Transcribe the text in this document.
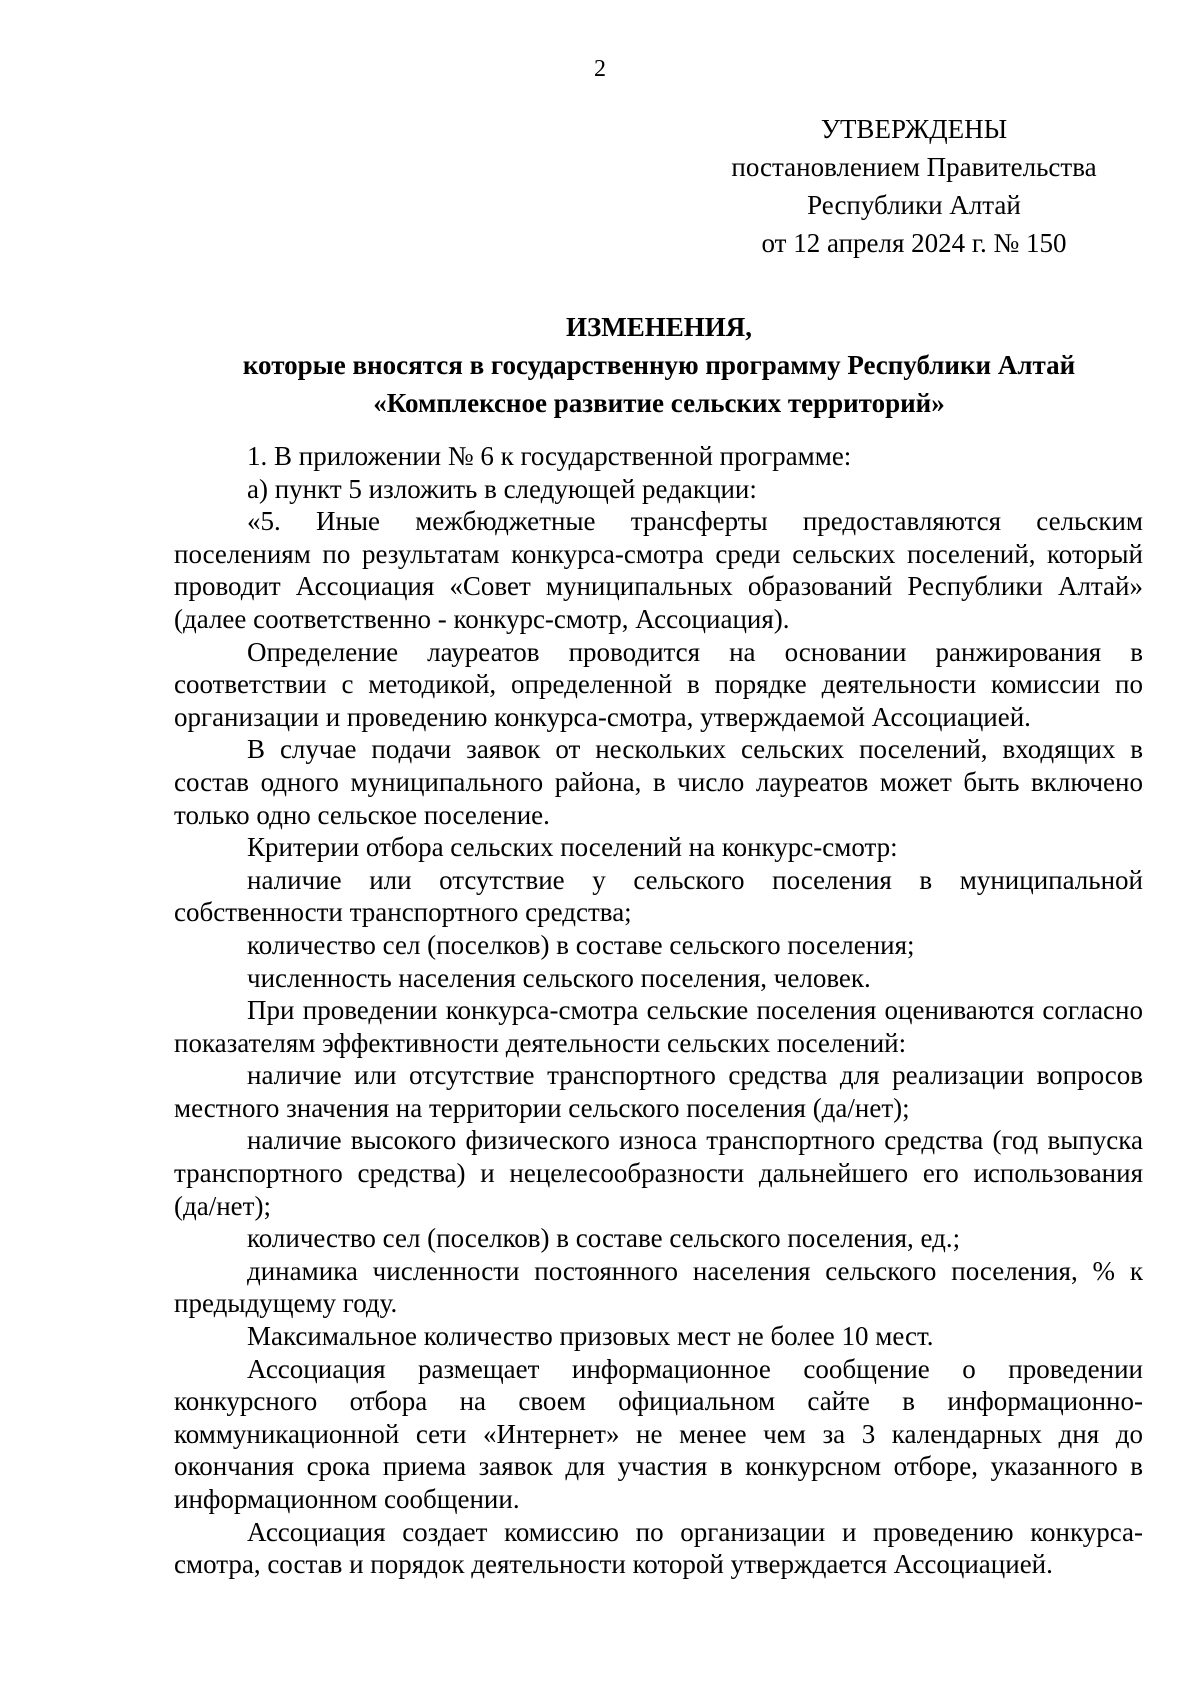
2
УТВЕРЖДЕНЫ
постановлением Правительства
Республики Алтай
от 12 апреля 2024 г. № 150
ИЗМЕНЕНИЯ,
которые вносятся в государственную программу Республики Алтай
«Комплексное развитие сельских территорий»

1. В приложении № 6 к государственной программе:

а) пункт 5 изложить в следующей редакции:

«5. Иные межбюджетные трансферты предоставляются сельским поселениям по результатам конкурса-смотра среди сельских поселений, который проводит Ассоциация «Совет муниципальных образований Республики Алтай» (далее соответственно - конкурс-смотр, Ассоциация).

Определение лауреатов проводится на основании ранжирования в соответствии с методикой, определенной в порядке деятельности комиссии по организации и проведению конкурса-смотра, утверждаемой Ассоциацией.

В случае подачи заявок от нескольких сельских поселений, входящих в состав одного муниципального района, в число лауреатов может быть включено только одно сельское поселение.

Критерии отбора сельских поселений на конкурс-смотр:

наличие или отсутствие у сельского поселения в муниципальной собственности транспортного средства;

количество сел (поселков) в составе сельского поселения;

численность населения сельского поселения, человек.

При проведении конкурса-смотра сельские поселения оцениваются согласно показателям эффективности деятельности сельских поселений:

наличие или отсутствие транспортного средства для реализации вопросов местного значения на территории сельского поселения (да/нет);

наличие высокого физического износа транспортного средства (год выпуска транспортного средства) и нецелесообразности дальнейшего его использования (да/нет);

количество сел (поселков) в составе сельского поселения, ед.;

динамика численности постоянного населения сельского поселения, % к предыдущему году.

Максимальное количество призовых мест не более 10 мест.

Ассоциация размещает информационное сообщение о проведении конкурсного отбора на своем официальном сайте в информационно-коммуникационной сети «Интернет» не менее чем за 3 календарных дня до окончания срока приема заявок для участия в конкурсном отборе, указанного в информационном сообщении.

Ассоциация создает комиссию по организации и проведению конкурса-смотра, состав и порядок деятельности которой утверждается Ассоциацией.
